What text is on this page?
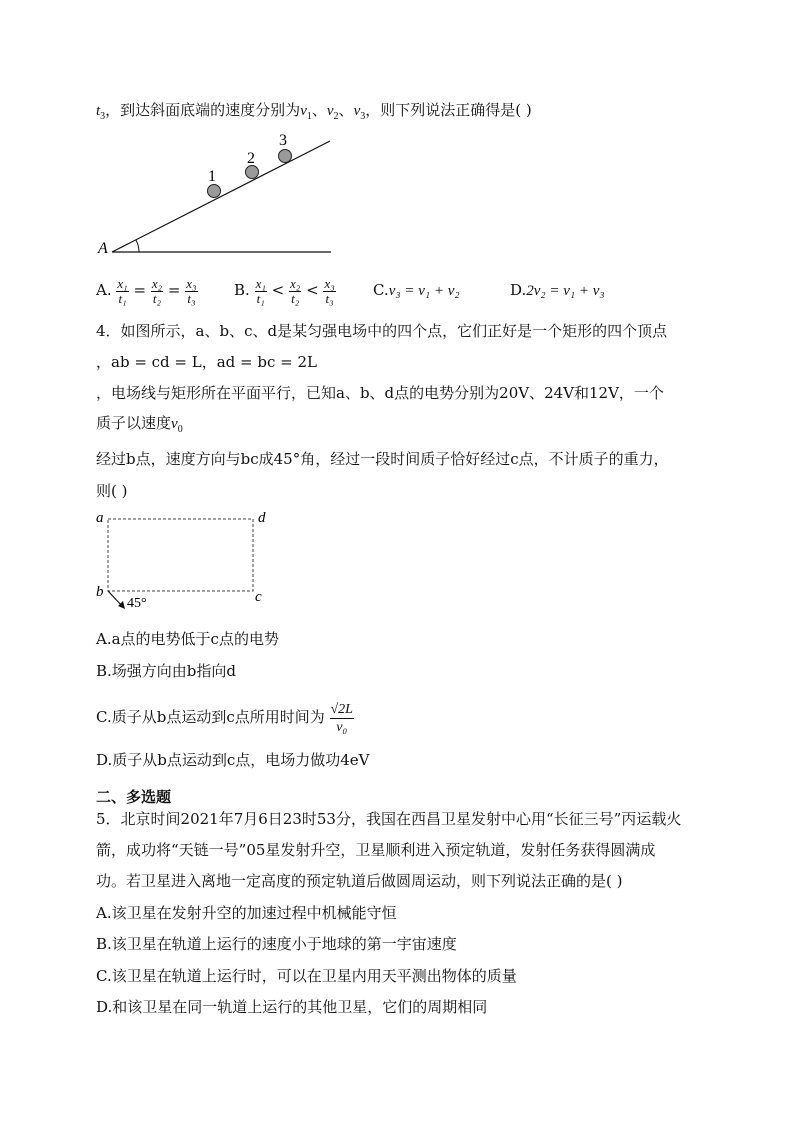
$t_3$，到达斜面底端的速度分别为$v_1$、$v_2$、$v_3$，则下列说法正确得是( )
A
1
2
3
A. $\frac{\text{x₁}}{\text{t₁}} = \frac{\text{x₂}}{\text{t₂}} = \frac{\text{x₃}}{\text{t₃}} B$. $\frac{\text{x₁}}{\text{t₁}} < \frac{\text{x₂}}{\text{t₂}} < \frac{\text{x₃}}{\text{t₃}} C.v_3 = v_1 + v_2$	D.2v₂ = v₁ + v₃
4．如图所示，a、b、c、d是某匀强电场中的四个点，它们正好是一个矩形的四个顶点
，ab = cd = L，ad = bc = 2L
，电场线与矩形所在平面平行，已知a、b、d点的电势分别为20V、24V和12V，一个
质子以速度$v_0$
经过b点，速度方向与bc成45°角，经过一段时间质子恰好经过c点，不计质子的重力，
则( )
a	d
b	c
45°
A.a点的电势低于c点的电势
B.场强方向由b指向d
C.质子从b点运动到c点所用时间为 $\frac{√2L}{\text{v₀}}$
D.质子从b点运动到c点，电场力做功4eV
二、多选题
5．北京时间2021年7月6日23时53分，我国在西昌卫星发射中心用“长征三号”丙运载火
箭，成功将“天链一号”05星发射升空，卫星顺利进入预定轨道，发射任务获得圆满成
功。若卫星进入离地一定高度的预定轨道后做圆周运动，则下列说法正确的是( )
A.该卫星在发射升空的加速过程中机械能守恒
B.该卫星在轨道上运行的速度小于地球的第一宇宙速度
C.该卫星在轨道上运行时，可以在卫星内用天平测出物体的质量
D.和该卫星在同一轨道上运行的其他卫星，它们的周期相同
